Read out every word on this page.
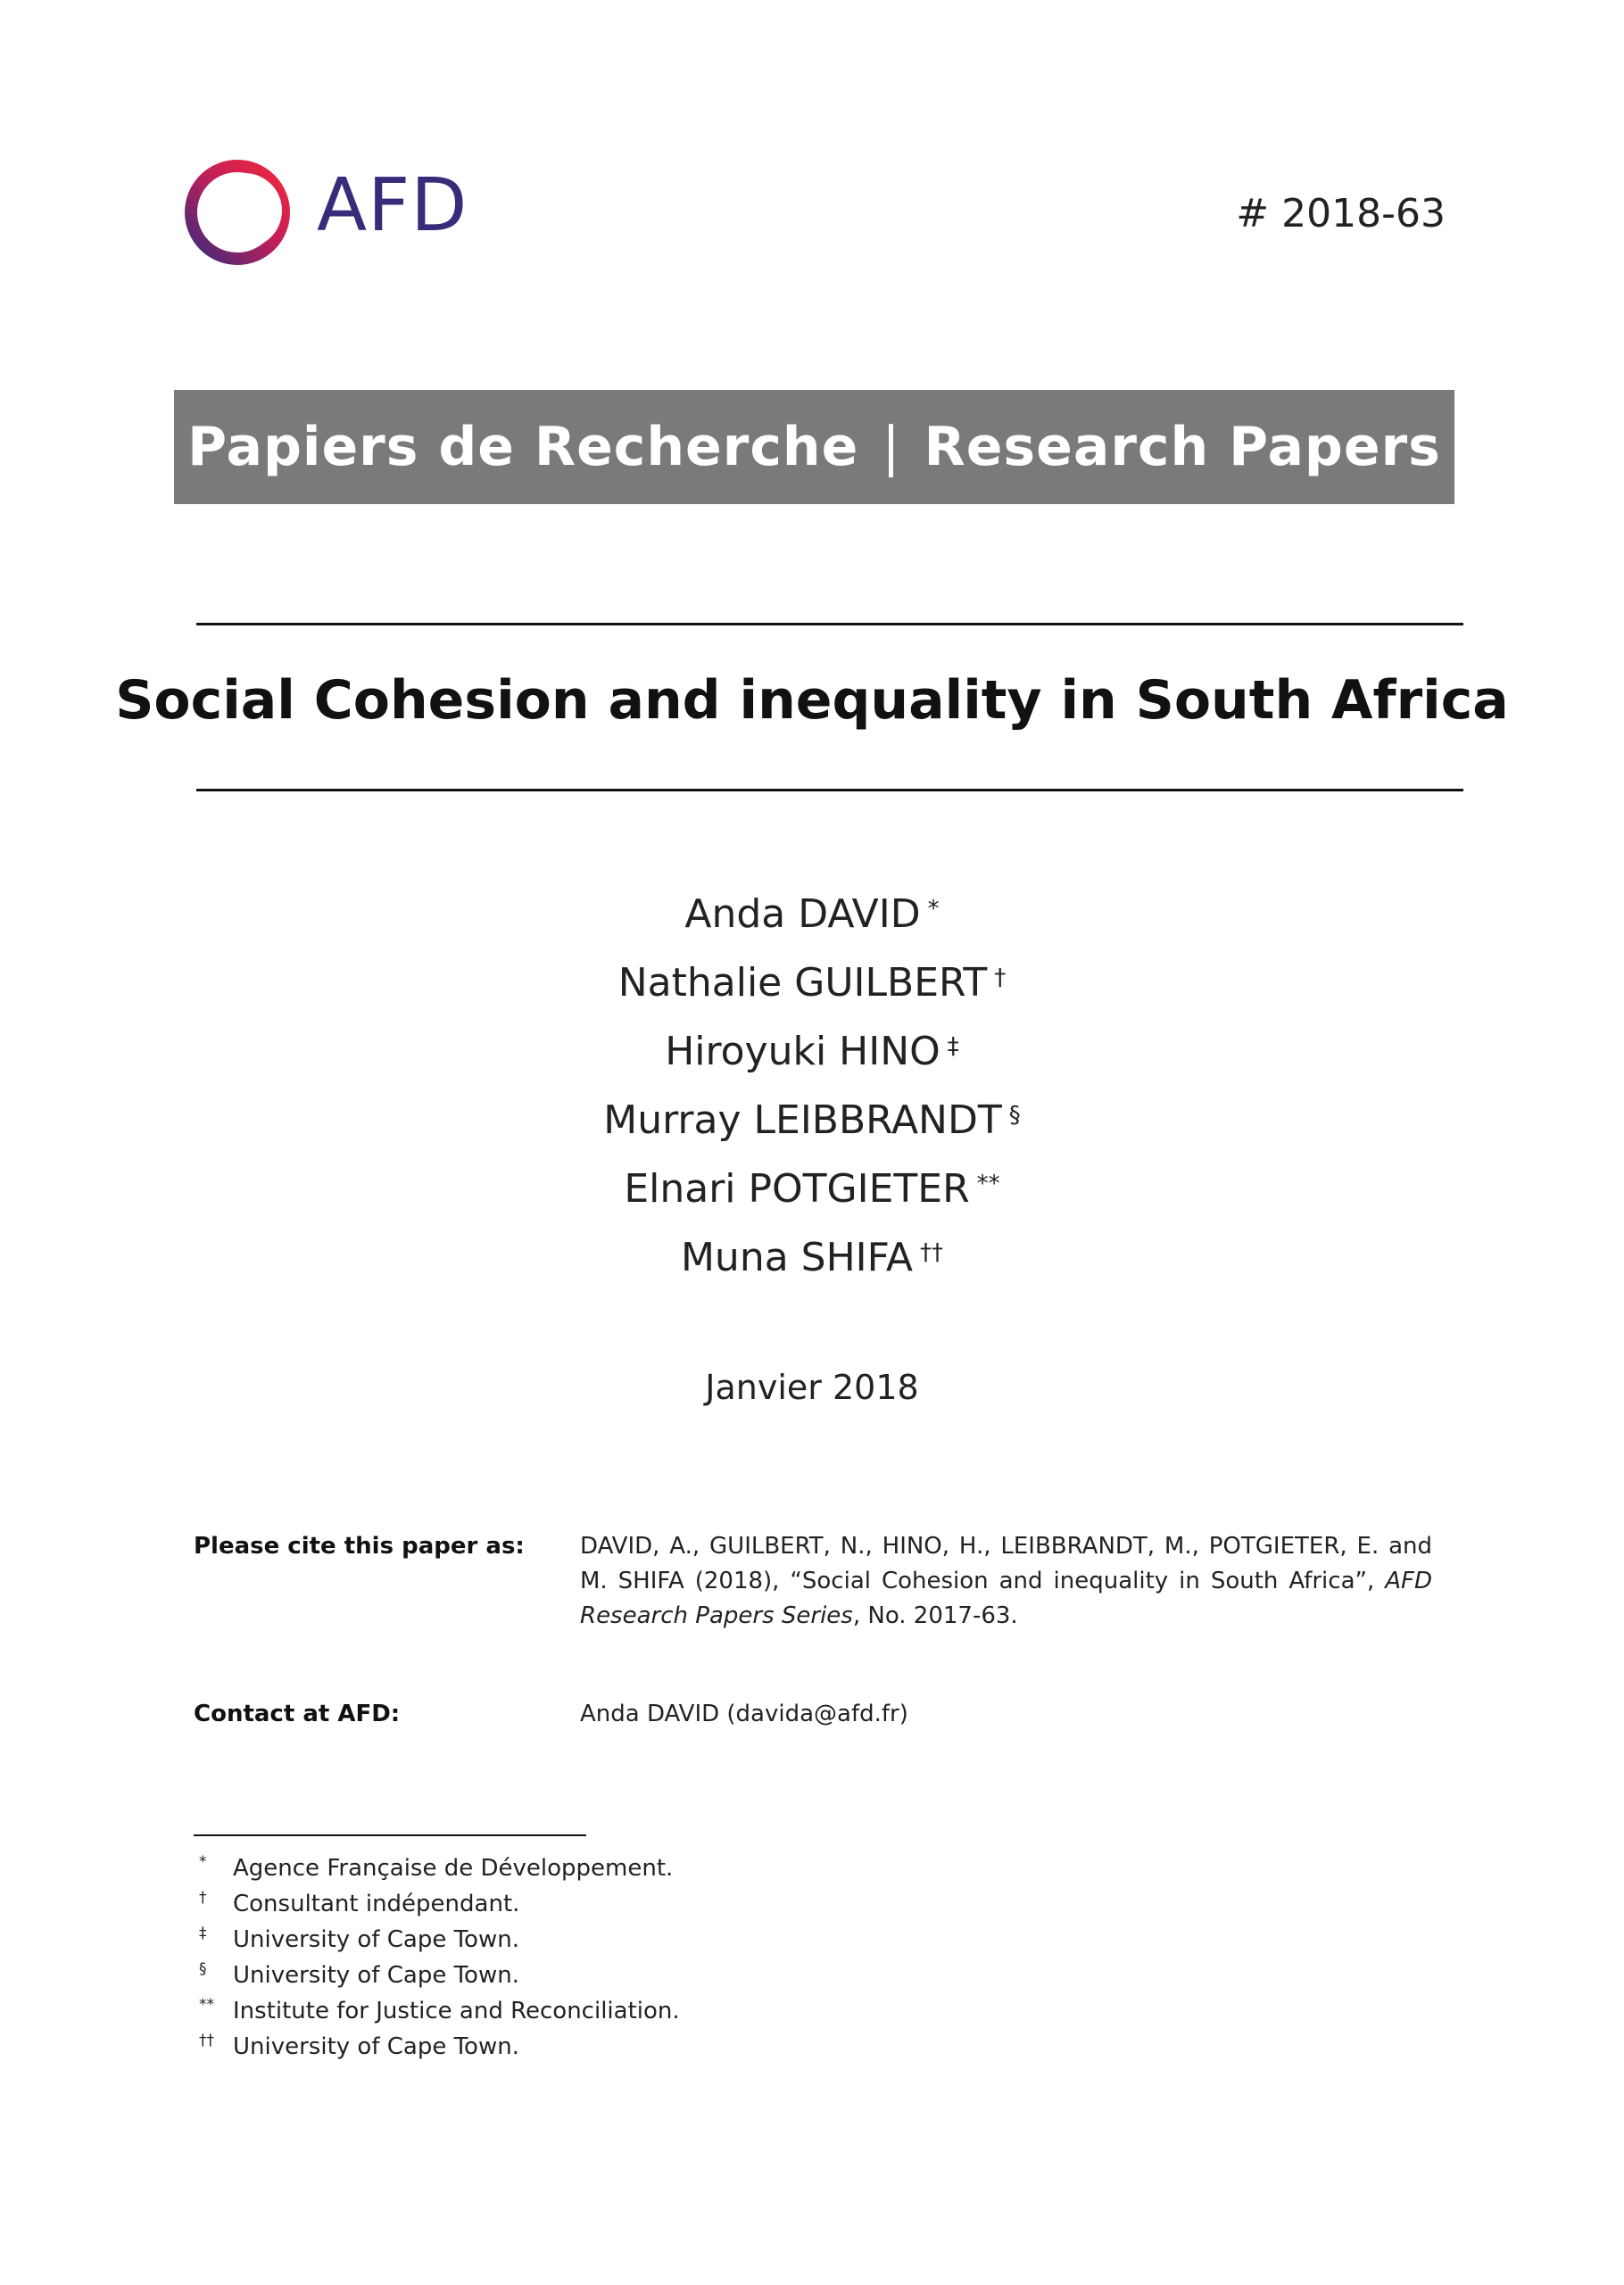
AFD	# 2018-63
Papiers de Recherche | Research Papers
Social Cohesion and inequality in South Africa
Anda DAVID *
Nathalie GUILBERT †
Hiroyuki HINO ‡
Murray LEIBBRANDT §
Elnari POTGIETER **
Muna SHIFA ††
Janvier 2018
Please cite this paper as: DAVID, A., GUILBERT, N., HINO, H., LEIBBRANDT, M., POTGIETER, E. and M. SHIFA (2018), “Social Cohesion and inequality in South Africa”, AFD Research Papers Series, No. 2017-63.
Contact at AFD:	Anda DAVID (davida@afd.fr)
*	Agence Française de Développement.
†	Consultant indépendant.
‡	University of Cape Town.
§	University of Cape Town.
** Institute for Justice and Reconciliation.
†† University of Cape Town.
